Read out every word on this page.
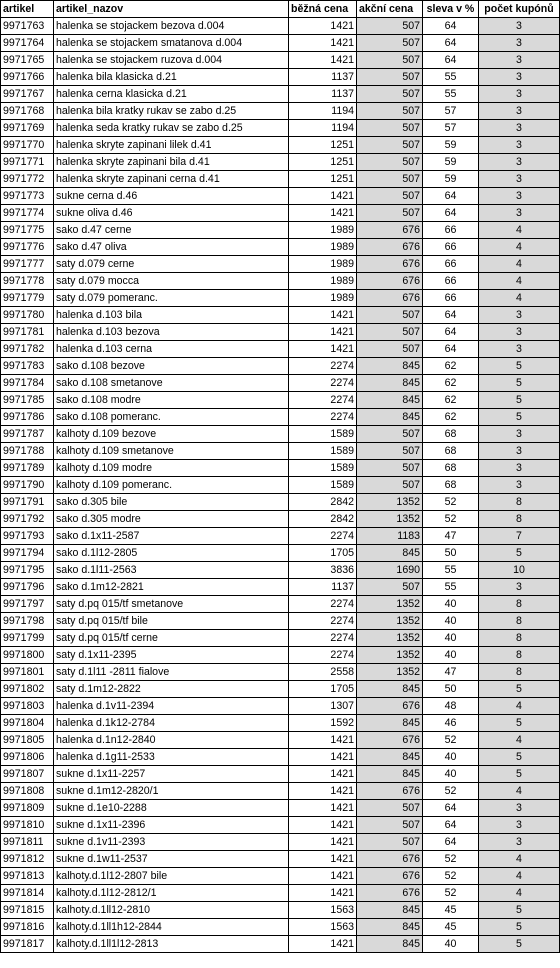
artikel	artikel_nazov	běžná cena	akční cena	sleva v %	počet kupónů
9971763	halenka se stojackem bezova d.004	1421	507	64	3
9971764	halenka se stojackem smatanova d.004	1421	507	64	3
9971765	halenka se stojackem ruzova d.004	1421	507	64	3
9971766	halenka bila klasicka d.21	1137	507	55	3
9971767	halenka cerna klasicka d.21	1137	507	55	3
9971768	halenka bila kratky rukav se zabo d.25	1194	507	57	3
9971769	halenka seda kratky rukav se zabo d.25	1194	507	57	3
9971770	halenka skryte zapinani lilek d.41	1251	507	59	3
9971771	halenka skryte zapinani bila d.41	1251	507	59	3
9971772	halenka skryte zapinani cerna d.41	1251	507	59	3
9971773	sukne cerna d.46	1421	507	64	3
9971774	sukne oliva d.46	1421	507	64	3
9971775	sako d.47 cerne	1989	676	66	4
9971776	sako d.47 oliva	1989	676	66	4
9971777	saty d.079 cerne	1989	676	66	4
9971778	saty d.079 mocca	1989	676	66	4
9971779	saty d.079 pomeranc.	1989	676	66	4
9971780	halenka d.103 bila	1421	507	64	3
9971781	halenka d.103 bezova	1421	507	64	3
9971782	halenka d.103 cerna	1421	507	64	3
9971783	sako d.108 bezove	2274	845	62	5
9971784	sako d.108 smetanove	2274	845	62	5
9971785	sako d.108 modre	2274	845	62	5
9971786	sako d.108 pomeranc.	2274	845	62	5
9971787	kalhoty d.109 bezove	1589	507	68	3
9971788	kalhoty d.109 smetanove	1589	507	68	3
9971789	kalhoty d.109 modre	1589	507	68	3
9971790	kalhoty d.109 pomeranc.	1589	507	68	3
9971791	sako d.305 bile	2842	1352	52	8
9971792	sako d.305 modre	2842	1352	52	8
9971793	sako d.1x11-2587	2274	1183	47	7
9971794	sako d.1l12-2805	1705	845	50	5
9971795	sako d.1l11-2563	3836	1690	55	10
9971796	sako d.1m12-2821	1137	507	55	3
9971797	saty d.pq 015/tf smetanove	2274	1352	40	8
9971798	saty d.pq 015/tf bile	2274	1352	40	8
9971799	saty d.pq 015/tf cerne	2274	1352	40	8
9971800	saty d.1x11-2395	2274	1352	40	8
9971801	saty d.1l11 -2811 fialove	2558	1352	47	8
9971802	saty d.1m12-2822	1705	845	50	5
9971803	halenka d.1v11-2394	1307	676	48	4
9971804	halenka d.1k12-2784	1592	845	46	5
9971805	halenka d.1n12-2840	1421	676	52	4
9971806	halenka d.1g11-2533	1421	845	40	5
9971807	sukne d.1x11-2257	1421	845	40	5
9971808	sukne d.1m12-2820/1	1421	676	52	4
9971809	sukne d.1e10-2288	1421	507	64	3
9971810	sukne d.1x11-2396	1421	507	64	3
9971811	sukne d.1v11-2393	1421	507	64	3
9971812	sukne d.1w11-2537	1421	676	52	4
9971813	kalhoty.d.1l12-2807 bile	1421	676	52	4
9971814	kalhoty.d.1l12-2812/1	1421	676	52	4
9971815	kalhoty.d.1ll12-2810	1563	845	45	5
9971816	kalhoty.d.1ll1h12-2844	1563	845	45	5
9971817	kalhoty.d.1ll1l12-2813	1421	845	40	5
